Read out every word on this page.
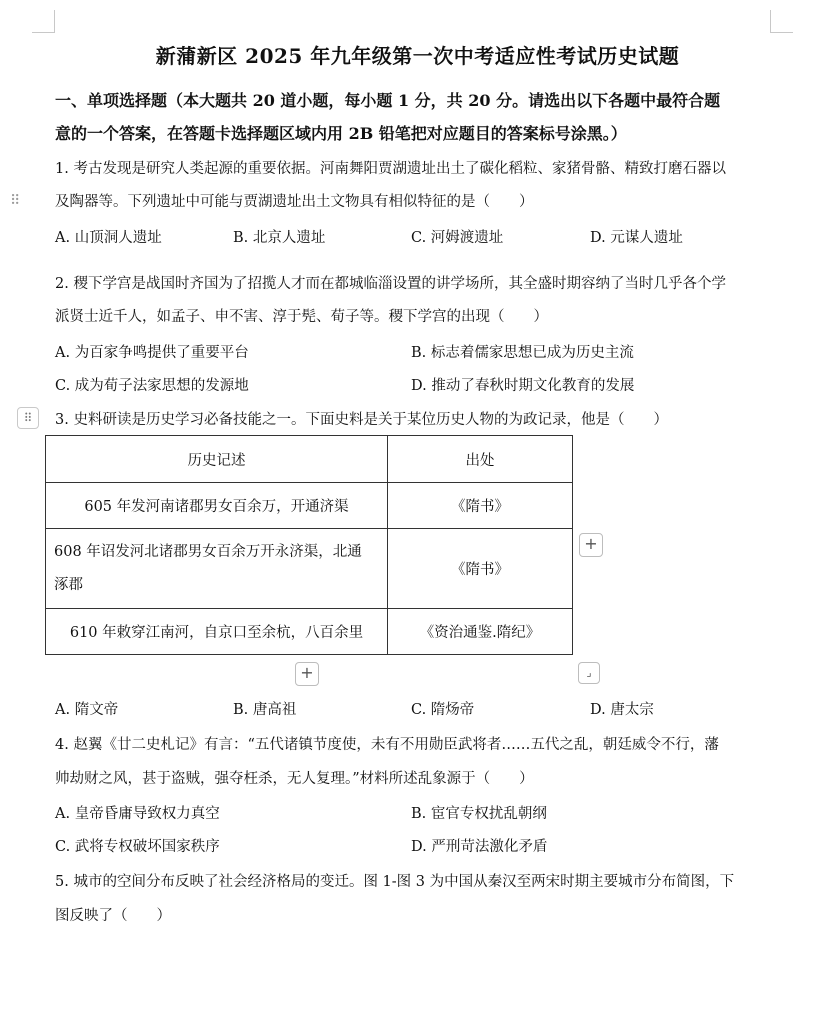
新蒲新区 2025 年九年级第一次中考适应性考试历史试题
一、单项选择题（本大题共 20 道小题，每小题 1 分，共 20 分。请选出以下各题中最符合题
意的一个答案，在答题卡选择题区域内用 2B 铅笔把对应题目的答案标号涂黑。）
1. 考古发现是研究人类起源的重要依据。河南舞阳贾湖遗址出土了碳化稻粒、家猪骨骼、精致打磨石器以
⠿ 及陶器等。下列遗址中可能与贾湖遗址出土文物具有相似特征的是（　　）
A. 山顶洞人遗址	B. 北京人遗址	C. 河姆渡遗址	D. 元谋人遗址
2. 稷下学宫是战国时齐国为了招揽人才而在都城临淄设置的讲学场所，其全盛时期容纳了当时几乎各个学
派贤士近千人，如孟子、申不害、淳于髡、荀子等。稷下学宫的出现（　　）
A. 为百家争鸣提供了重要平台	B. 标志着儒家思想已成为历史主流
C. 成为荀子法家思想的发源地	D. 推动了春秋时期文化教育的发展
⠿ 3. 史料研读是历史学习必备技能之一。下面史料是关于某位历史人物的为政记录，他是（　　）
历史记述	出处
605 年发河南诸郡男女百余万，开通济渠	《隋书》

608 年诏发河北诸郡男女百余万开永济渠，北通
涿郡	《隋书》
610 年敕穿江南河，自京口至余杭，八百余里	《资治通鉴.隋纪》
+
+	⌟
A. 隋文帝	B. 唐高祖	C. 隋炀帝	D. 唐太宗
4. 赵翼《廿二史札记》有言：“五代诸镇节度使，未有不用勋臣武将者……五代之乱，朝廷威令不行，藩
帅劫财之风，甚于盗贼，强夺枉杀，无人复理。”材料所述乱象源于（　　）
A. 皇帝昏庸导致权力真空	B. 宦官专权扰乱朝纲
C. 武将专权破坏国家秩序	D. 严刑苛法激化矛盾
5. 城市的空间分布反映了社会经济格局的变迁。图 1-图 3 为中国从秦汉至两宋时期主要城市分布简图，下
图反映了（　　）
